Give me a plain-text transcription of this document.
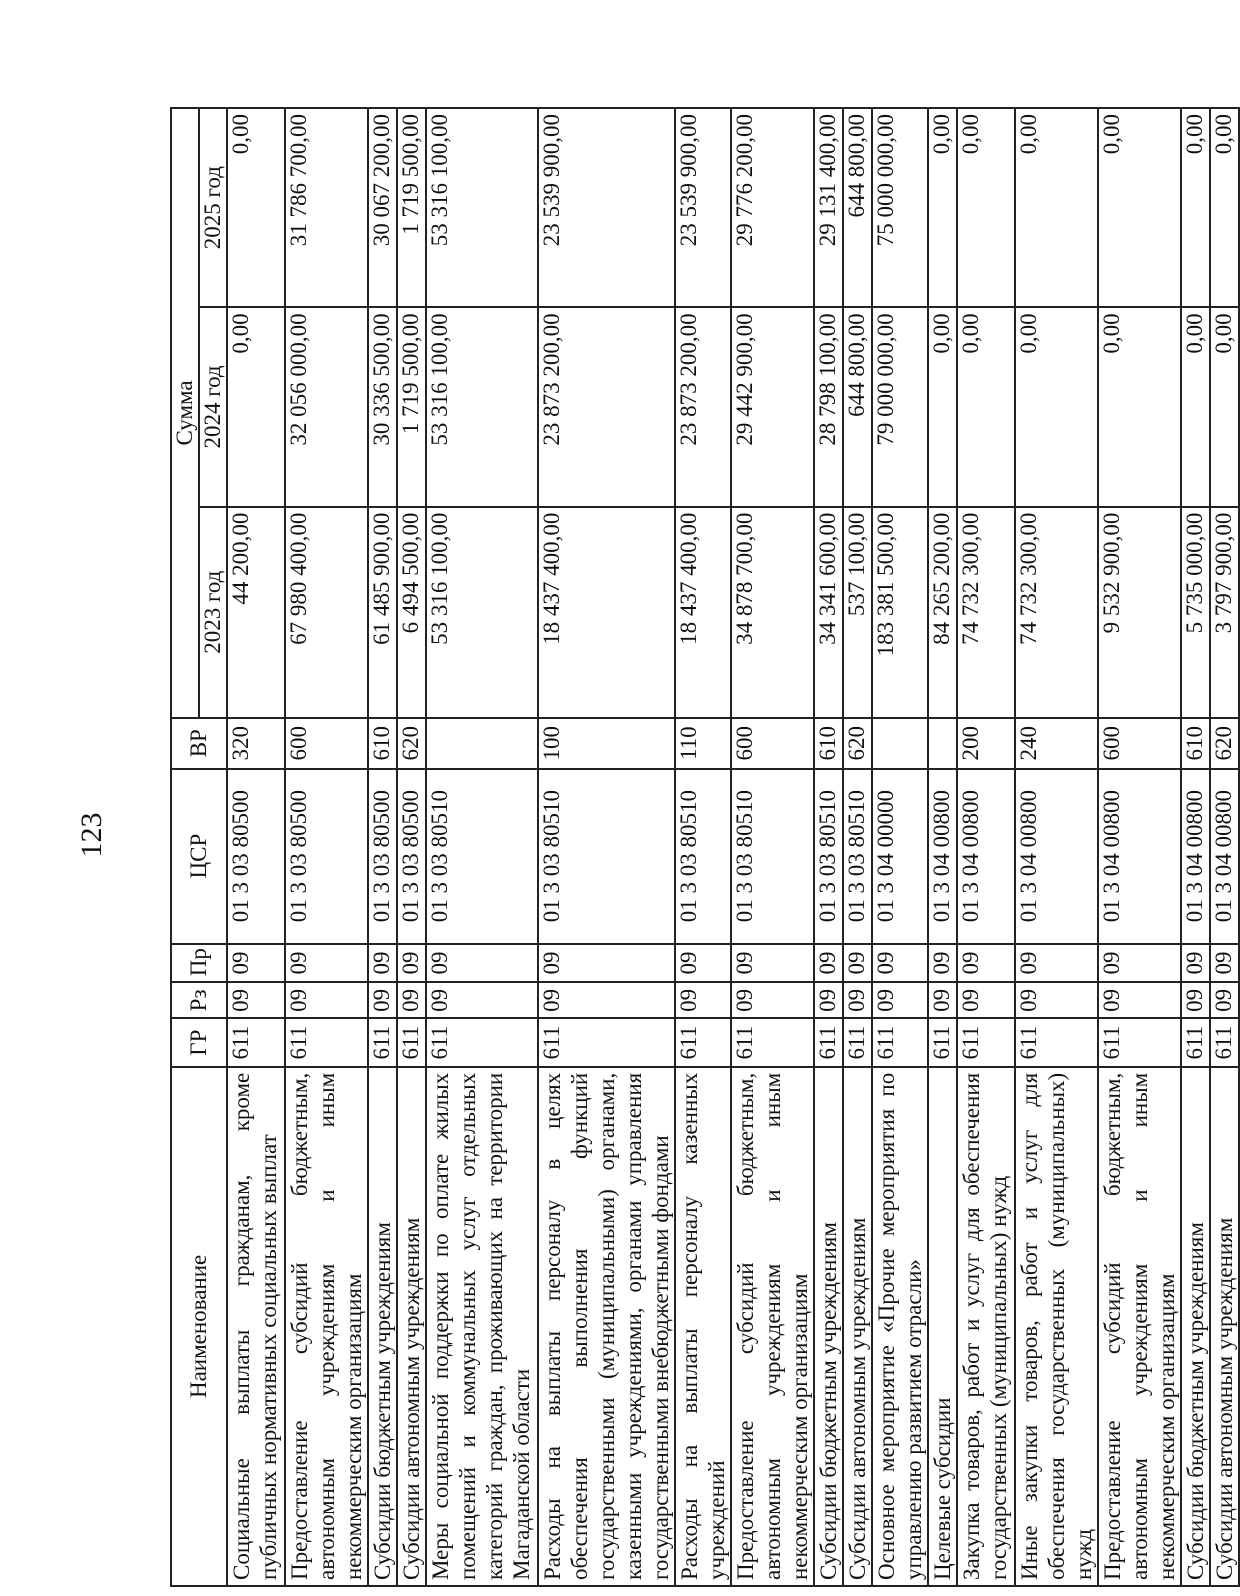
123
Наименование	ГР	Рз	Пр	ЦСР	ВР	Сумма		
						2023 год	2024 год	2025 год
Социальные выплаты гражданам, кроме публичных нормативных социальных выплат	611	09	09	01 3 03 80500	320	44 200,00	0,00	0,00
Предоставление субсидий бюджетным, автономным учреждениям и иным некоммерческим организациям	611	09	09	01 3 03 80500	600	67 980 400,00	32 056 000,00	31 786 700,00
Субсидии бюджетным учреждениям	611	09	09	01 3 03 80500	610	61 485 900,00	30 336 500,00	30 067 200,00
Субсидии автономным учреждениям	611	09	09	01 3 03 80500	620	6 494 500,00	1 719 500,00	1 719 500,00
Меры социальной поддержки по оплате жилых помещений и коммунальных услуг отдельных категорий граждан, проживающих на территории Магаданской области	611	09	09	01 3 03 80510		53 316 100,00	53 316 100,00	53 316 100,00
Расходы на выплаты персоналу в целях обеспечения выполнения функций государственными (муниципальными) органами, казенными учреждениями, органами управления государственными внебюджетными фондами	611	09	09	01 3 03 80510	100	18 437 400,00	23 873 200,00	23 539 900,00
Расходы на выплаты персоналу казенных учреждений	611	09	09	01 3 03 80510	110	18 437 400,00	23 873 200,00	23 539 900,00
Предоставление субсидий бюджетным, автономным учреждениям и иным некоммерческим организациям	611	09	09	01 3 03 80510	600	34 878 700,00	29 442 900,00	29 776 200,00
Субсидии бюджетным учреждениям	611	09	09	01 3 03 80510	610	34 341 600,00	28 798 100,00	29 131 400,00
Субсидии автономным учреждениям	611	09	09	01 3 03 80510	620	537 100,00	644 800,00	644 800,00
Основное мероприятие «Прочие мероприятия по управлению развитием отрасли»	611	09	09	01 3 04 00000		183 381 500,00	79 000 000,00	75 000 000,00
Целевые субсидии	611	09	09	01 3 04 00800		84 265 200,00	0,00	0,00
Закупка товаров, работ и услуг для обеспечения государственных (муниципальных) нужд	611	09	09	01 3 04 00800	200	74 732 300,00	0,00	0,00
Иные закупки товаров, работ и услуг для обеспечения государственных (муниципальных) нужд	611	09	09	01 3 04 00800	240	74 732 300,00	0,00	0,00
Предоставление субсидий бюджетным, автономным учреждениям и иным некоммерческим организациям	611	09	09	01 3 04 00800	600	9 532 900,00	0,00	0,00
Субсидии бюджетным учреждениям	611	09	09	01 3 04 00800	610	5 735 000,00	0,00	0,00
Субсидии автономным учреждениям	611	09	09	01 3 04 00800	620	3 797 900,00	0,00	0,00
